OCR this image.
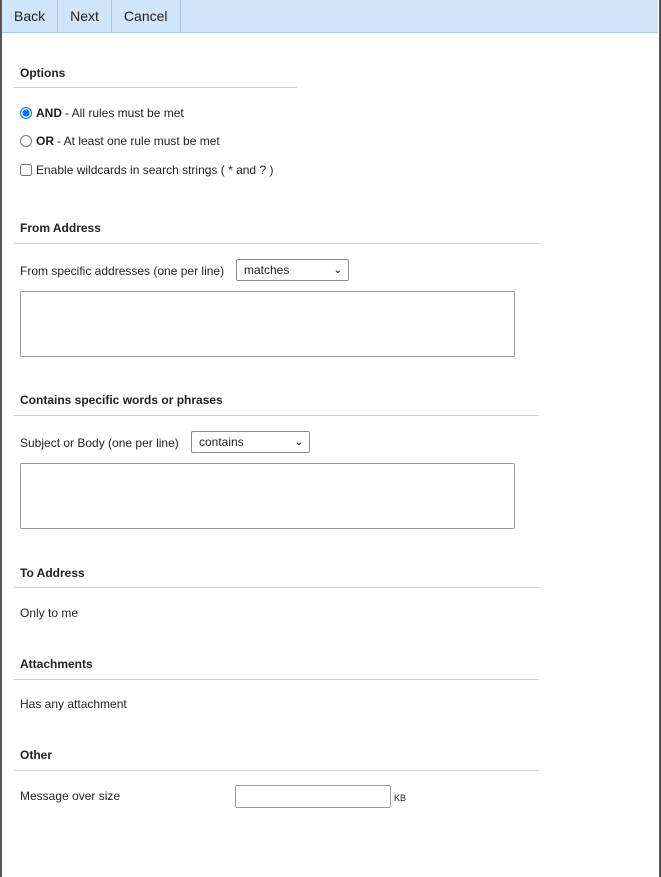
Back	Next	Cancel
Options
AND - All rules must be met
OR - At least one rule must be met
Enable wildcards in search strings ( * and ? )
From Address
From specific addresses (one per line) matches	⌄
Contains specific words or phrases
Subject or Body (one per line) contains	⌄
To Address
Only to me
Attachments
Has any attachment
Other
Message over size	KB
